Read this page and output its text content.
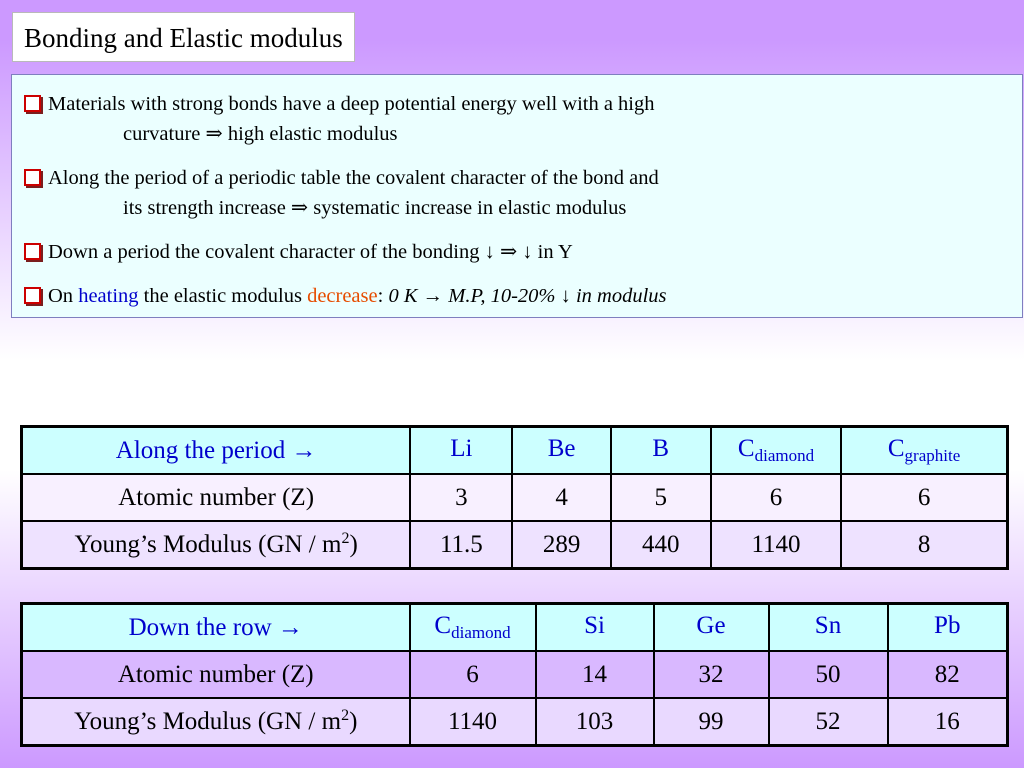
Bonding and Elastic modulus
Materials with strong bonds have a deep potential energy well with a high
curvature ⇒ high elastic modulus
Along the period of a periodic table the covalent character of the bond and
its strength increase ⇒ systematic increase in elastic modulus
Down a period the covalent character of the bonding ↓ ⇒ ↓ in Y
On heating the elastic modulus decrease: 0 K → M.P, 10-20% ↓ in modulus
Along the period →	Li	Be	B	$C_{diamond}$	$C_{graphite}$
Atomic number (Z)	3	4	5	6	6
Young’s Modulus $(GN / m^2)$	11.5	289	440	1140	8
Down the row →	$C_{diamond}$	Si	Ge	Sn	Pb
Atomic number (Z)	6	14	32	50	82
Young’s Modulus $(GN / m^2)$	1140	103	99	52	16
